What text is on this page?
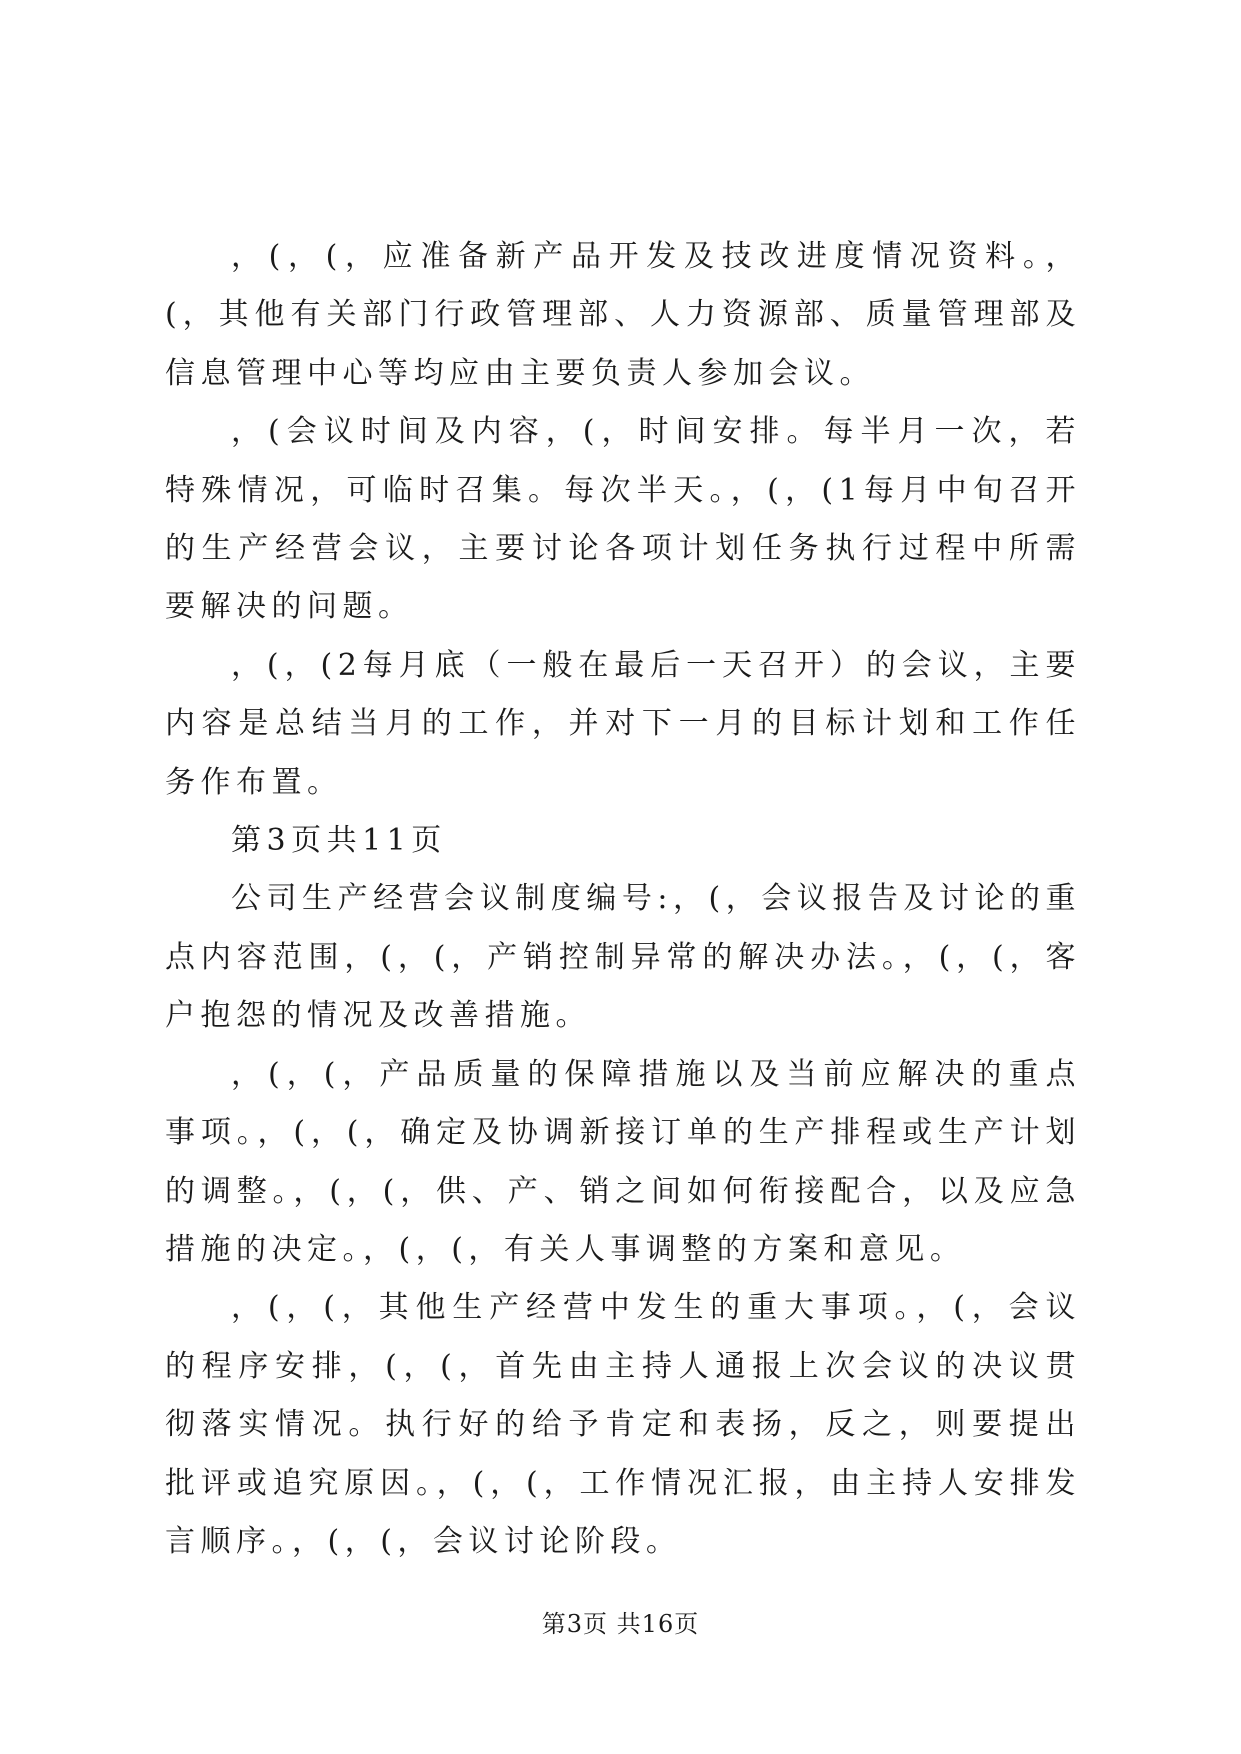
，(，(，应准备新产品开发及技改进度情况资料。，(，其他有关部门行政管理部、人力资源部、质量管理部及信息管理中心等均应由主要负责人参加会议。

，(会议时间及内容，(，时间安排。每半月一次，若特殊情况，可临时召集。每次半天。，(，(1每月中旬召开的生产经营会议，主要讨论各项计划任务执行过程中所需要解决的问题。

，(，(2每月底（一般在最后一天召开）的会议，主要内容是总结当月的工作，并对下一月的目标计划和工作任务作布置。

第3页共11页

公司生产经营会议制度编号:，(，会议报告及讨论的重点内容范围，(，(，产销控制异常的解决办法。，(，(，客户抱怨的情况及改善措施。

，(，(，产品质量的保障措施以及当前应解决的重点事项。，(，(，确定及协调新接订单的生产排程或生产计划的调整。，(，(，供、产、销之间如何衔接配合，以及应急措施的决定。，(，(，有关人事调整的方案和意见。

，(，(，其他生产经营中发生的重大事项。，(，会议的程序安排，(，(，首先由主持人通报上次会议的决议贯彻落实情况。执行好的给予肯定和表扬，反之，则要提出批评或追究原因。，(，(，工作情况汇报，由主持人安排发言顺序。，(，(，会议讨论阶段。

第3页 共16页
